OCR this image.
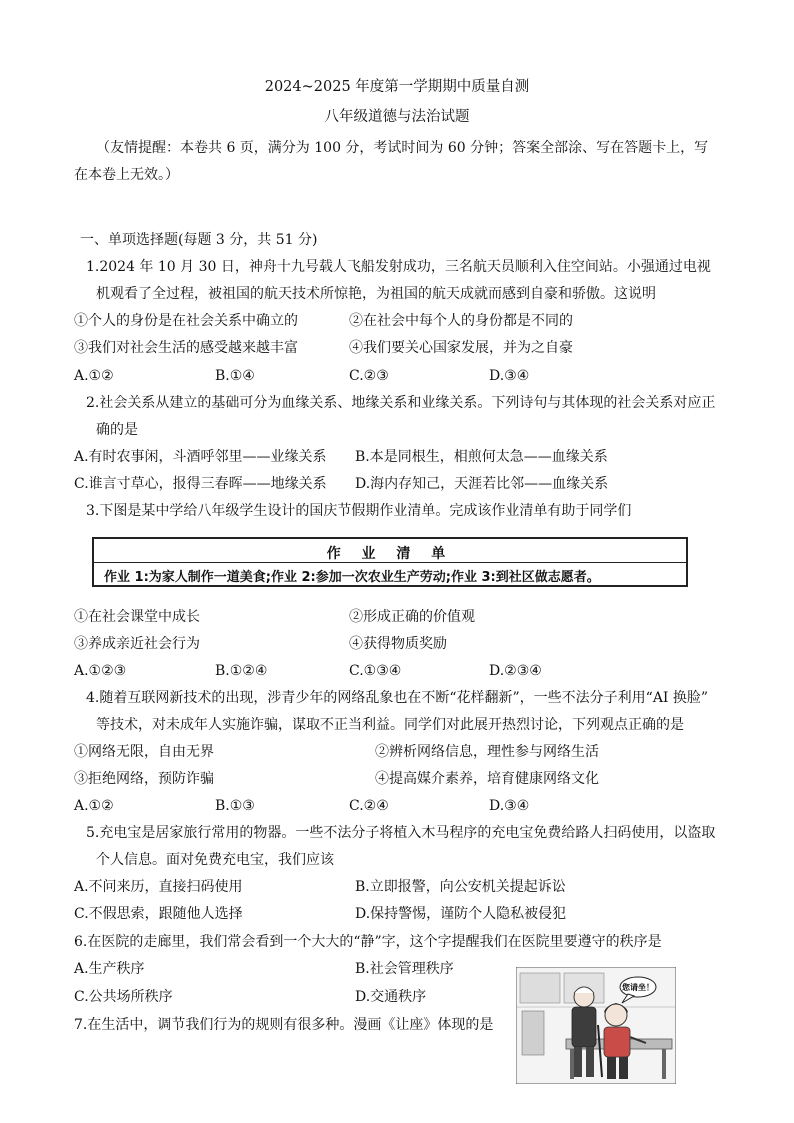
2024~2025 年度第一学期期中质量自测
八年级道德与法治试题
（友情提醒：本卷共 6 页，满分为 100 分，考试时间为 60 分钟；答案全部涂、写在答题卡上，写
在本卷上无效。）
一、单项选择题(每题 3 分，共 51 分)
1.2024 年 10 月 30 日，神舟十九号载人飞船发射成功，三名航天员顺利入住空间站。小强通过电视
机观看了全过程，被祖国的航天技术所惊艳，为祖国的航天成就而感到自豪和骄傲。这说明
①个人的身份是在社会关系中确立的	②在社会中每个人的身份都是不同的
③我们对社会生活的感受越来越丰富	④我们要关心国家发展，并为之自豪
A.①②	B.①④	C.②③	D.③④
2.社会关系从建立的基础可分为血缘关系、地缘关系和业缘关系。下列诗句与其体现的社会关系对应正
确的是
A.有时农事闲，斗酒呼邻里——业缘关系 B.本是同根生，相煎何太急——血缘关系
C.谁言寸草心，报得三春晖——地缘关系 D.海内存知己，天涯若比邻——血缘关系
3.下图是某中学给八年级学生设计的国庆节假期作业清单。完成该作业清单有助于同学们
作 业 清 单
作业 1:为家人制作一道美食;作业 2:参加一次农业生产劳动;作业 3:到社区做志愿者。
①在社会课堂中成长	②形成正确的价值观
③养成亲近社会行为	④获得物质奖励
A.①②③	B.①②④	C.①③④	D.②③④
4.随着互联网新技术的出现，涉青少年的网络乱象也在不断“花样翻新”，一些不法分子利用“AI 换脸”
等技术，对未成年人实施诈骗，谋取不正当利益。同学们对此展开热烈讨论，下列观点正确的是
①网络无限，自由无界	②辨析网络信息，理性参与网络生活
③拒绝网络，预防诈骗	④提高媒介素养，培育健康网络文化
A.①②	B.①③	C.②④	D.③④
5.充电宝是居家旅行常用的物器。一些不法分子将植入木马程序的充电宝免费给路人扫码使用，以盗取
个人信息。面对免费充电宝，我们应该
A.不问来历，直接扫码使用	B.立即报警，向公安机关提起诉讼
C.不假思索，跟随他人选择	D.保持警惕，谨防个人隐私被侵犯
6.在医院的走廊里，我们常会看到一个大大的“静”字，这个字提醒我们在医院里要遵守的秩序是
A.生产秩序	B.社会管理秩序
C.公共场所秩序	D.交通秩序
7.在生活中，调节我们行为的规则有很多种。漫画《让座》体现的是
您请坐！
